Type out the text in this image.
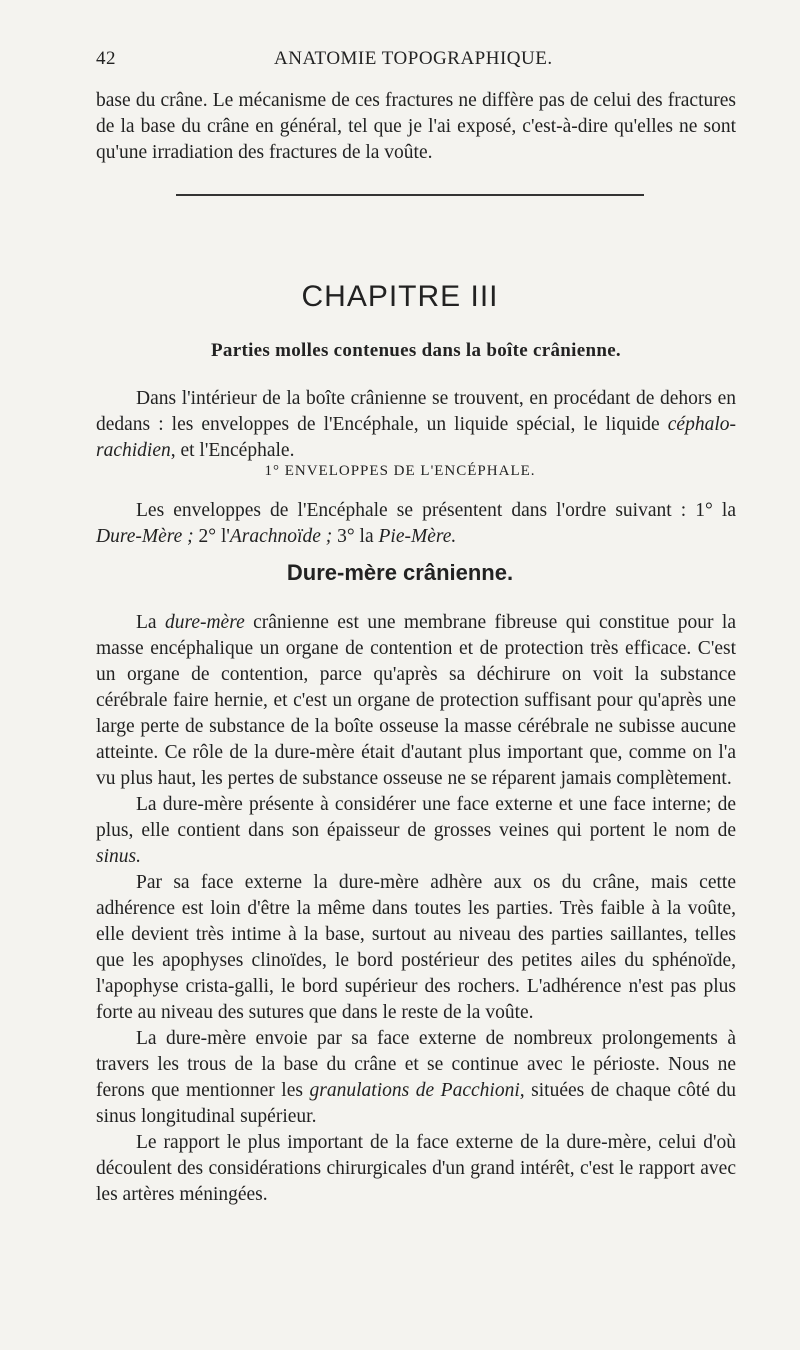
42	ANATOMIE TOPOGRAPHIQUE.

base du crâne. Le mécanisme de ces fractures ne diffère pas de celui des fractures de la base du crâne en général, tel que je l'ai exposé, c'est-à-dire qu'elles ne sont qu'une irradiation des fractures de la voûte.

CHAPITRE III
Parties molles contenues dans la boîte crânienne.

Dans l'intérieur de la boîte crânienne se trouvent, en procédant de dehors en dedans : les enveloppes de l'Encéphale, un liquide spécial, le liquide céphalo-rachidien, et l'Encéphale.

1° ENVELOPPES DE L'ENCÉPHALE.

Les enveloppes de l'Encéphale se présentent dans l'ordre suivant : 1° la Dure-Mère ; 2° l'Arachnoïde ; 3° la Pie-Mère.

Dure-mère crânienne.

La dure-mère crânienne est une membrane fibreuse qui constitue pour la masse encéphalique un organe de contention et de protection très efficace. C'est un organe de contention, parce qu'après sa déchirure on voit la substance cérébrale faire hernie, et c'est un organe de protection suffisant pour qu'après une large perte de substance de la boîte osseuse la masse cérébrale ne subisse aucune atteinte. Ce rôle de la dure-mère était d'autant plus important que, comme on l'a vu plus haut, les pertes de substance osseuse ne se réparent jamais complètement.

La dure-mère présente à considérer une face externe et une face interne; de plus, elle contient dans son épaisseur de grosses veines qui portent le nom de sinus.

Par sa face externe la dure-mère adhère aux os du crâne, mais cette adhérence est loin d'être la même dans toutes les parties. Très faible à la voûte, elle devient très intime à la base, surtout au niveau des parties saillantes, telles que les apophyses clinoïdes, le bord postérieur des petites ailes du sphénoïde, l'apophyse crista-galli, le bord supérieur des rochers. L'adhérence n'est pas plus forte au niveau des sutures que dans le reste de la voûte.

La dure-mère envoie par sa face externe de nombreux prolongements à travers les trous de la base du crâne et se continue avec le périoste. Nous ne ferons que mentionner les granulations de Pacchioni, situées de chaque côté du sinus longitudinal supérieur.

Le rapport le plus important de la face externe de la dure-mère, celui d'où découlent des considérations chirurgicales d'un grand intérêt, c'est le rapport avec les artères méningées.
